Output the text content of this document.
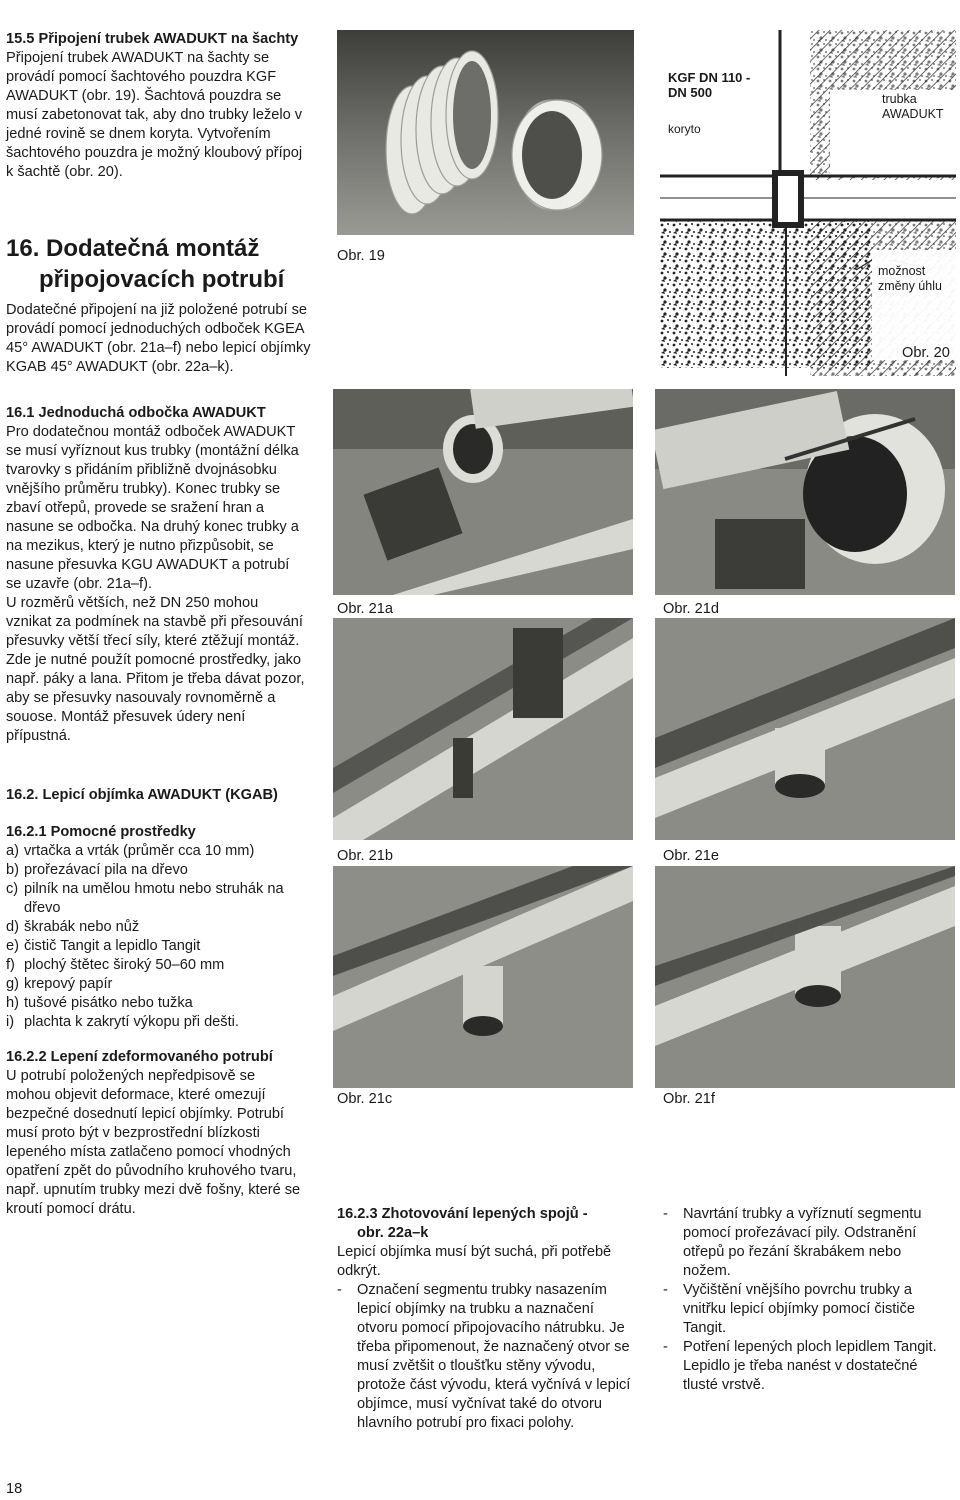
15.5 Připojení trubek AWADUKT na šachty

Připojení trubek AWADUKT na šachty se provádí pomocí šachtového pouzdra KGF AWADUKT (obr. 19). Šachtová pouzdra se musí zabetonovat tak, aby dno trubky leželo v jedné rovině se dnem koryta. Vytvořením šachtového pouzdra je možný kloubový přípoj k šachtě (obr. 20).

16. Dodatečná montáž
připojovacích potrubí

Dodatečné připojení na již položené potrubí se provádí pomocí jednoduchých odboček KGEA 45° AWADUKT (obr. 21a–f) nebo lepicí objímky KGAB 45° AWADUKT (obr. 22a–k).

16.1 Jednoduchá odbočka AWADUKT

Pro dodatečnou montáž odboček AWADUKT se musí vyříznout kus trubky (montážní délka tvarovky s přidáním přibližně dvojnásobku vnějšího průměru trubky). Konec trubky se zbaví otřepů, provede se sražení hran a nasune se odbočka. Na druhý konec trubky a na mezikus, který je nutno přizpůsobit, se nasune přesuvka KGU AWADUKT a potrubí se uzavře (obr. 21a–f).

U rozměrů větších, než DN 250 mohou vznikat za podmínek na stavbě při přesouvání přesuvky větší třecí síly, které ztěžují montáž. Zde je nutné použít pomocné prostředky, jako např. páky a lana. Přitom je třeba dávat pozor, aby se přesuvky nasouvaly rovnoměrně a souose. Montáž přesuvek údery není přípustná.

16.2. Lepicí objímka AWADUKT (KGAB)
16.2.1 Pomocné prostředky
a) vrtačka a vrták (průměr cca 10 mm)
b) prořezávací pila na dřevo
c) pilník na umělou hmotu nebo struhák na dřevo
d) škrabák nebo nůž
e) čistič Tangit a lepidlo Tangit
f) plochý štětec široký 50–60 mm
g) krepový papír
h) tušové pisátko nebo tužka
i) plachta k zakrytí výkopu při dešti.
16.2.2 Lepení zdeformovaného potrubí

U potrubí položených nepředpisově se mohou objevit deformace, které omezují bezpečné dosednutí lepicí objímky. Potrubí musí proto být v bezprostřední blízkosti lepeného místa zatlačeno pomocí vhodných opatření zpět do původního kruhového tvaru, např. upnutím trubky mezi dvě fošny, které se kroutí pomocí drátu.

18
Obr. 19
KGF DN 110 -
DN 500
koryto
trubka
AWADUKT
možnost
změny úhlu
Obr. 20
Obr. 21a	Obr. 21d
Obr. 21b	Obr. 21e
Obr. 21c	Obr. 21f
16.2.3 Zhotovování lepených spojů -
obr. 22a–k

Lepicí objímka musí být suchá, při potřebě odkrýt.

-	Označení segmentu trubky nasazením lepicí objímky na trubku a naznačení otvoru pomocí připojovacího nátrubku. Je třeba připomenout, že naznačený otvor se musí zvětšit o tloušťku stěny vývodu, protože část vývodu, která vyčnívá v lepicí objímce, musí vyčnívat také do otvoru hlavního potrubí pro fixaci polohy.
-	Navrtání trubky a vyříznutí segmentu pomocí prořezávací pily. Odstranění otřepů po řezání škrabákem nebo nožem.
-	Vyčištění vnějšího povrchu trubky a vnitřku lepicí objímky pomocí čističe Tangit.
-	Potření lepených ploch lepidlem Tangit. Lepidlo je třeba nanést v dostatečné tlusté vrstvě.
